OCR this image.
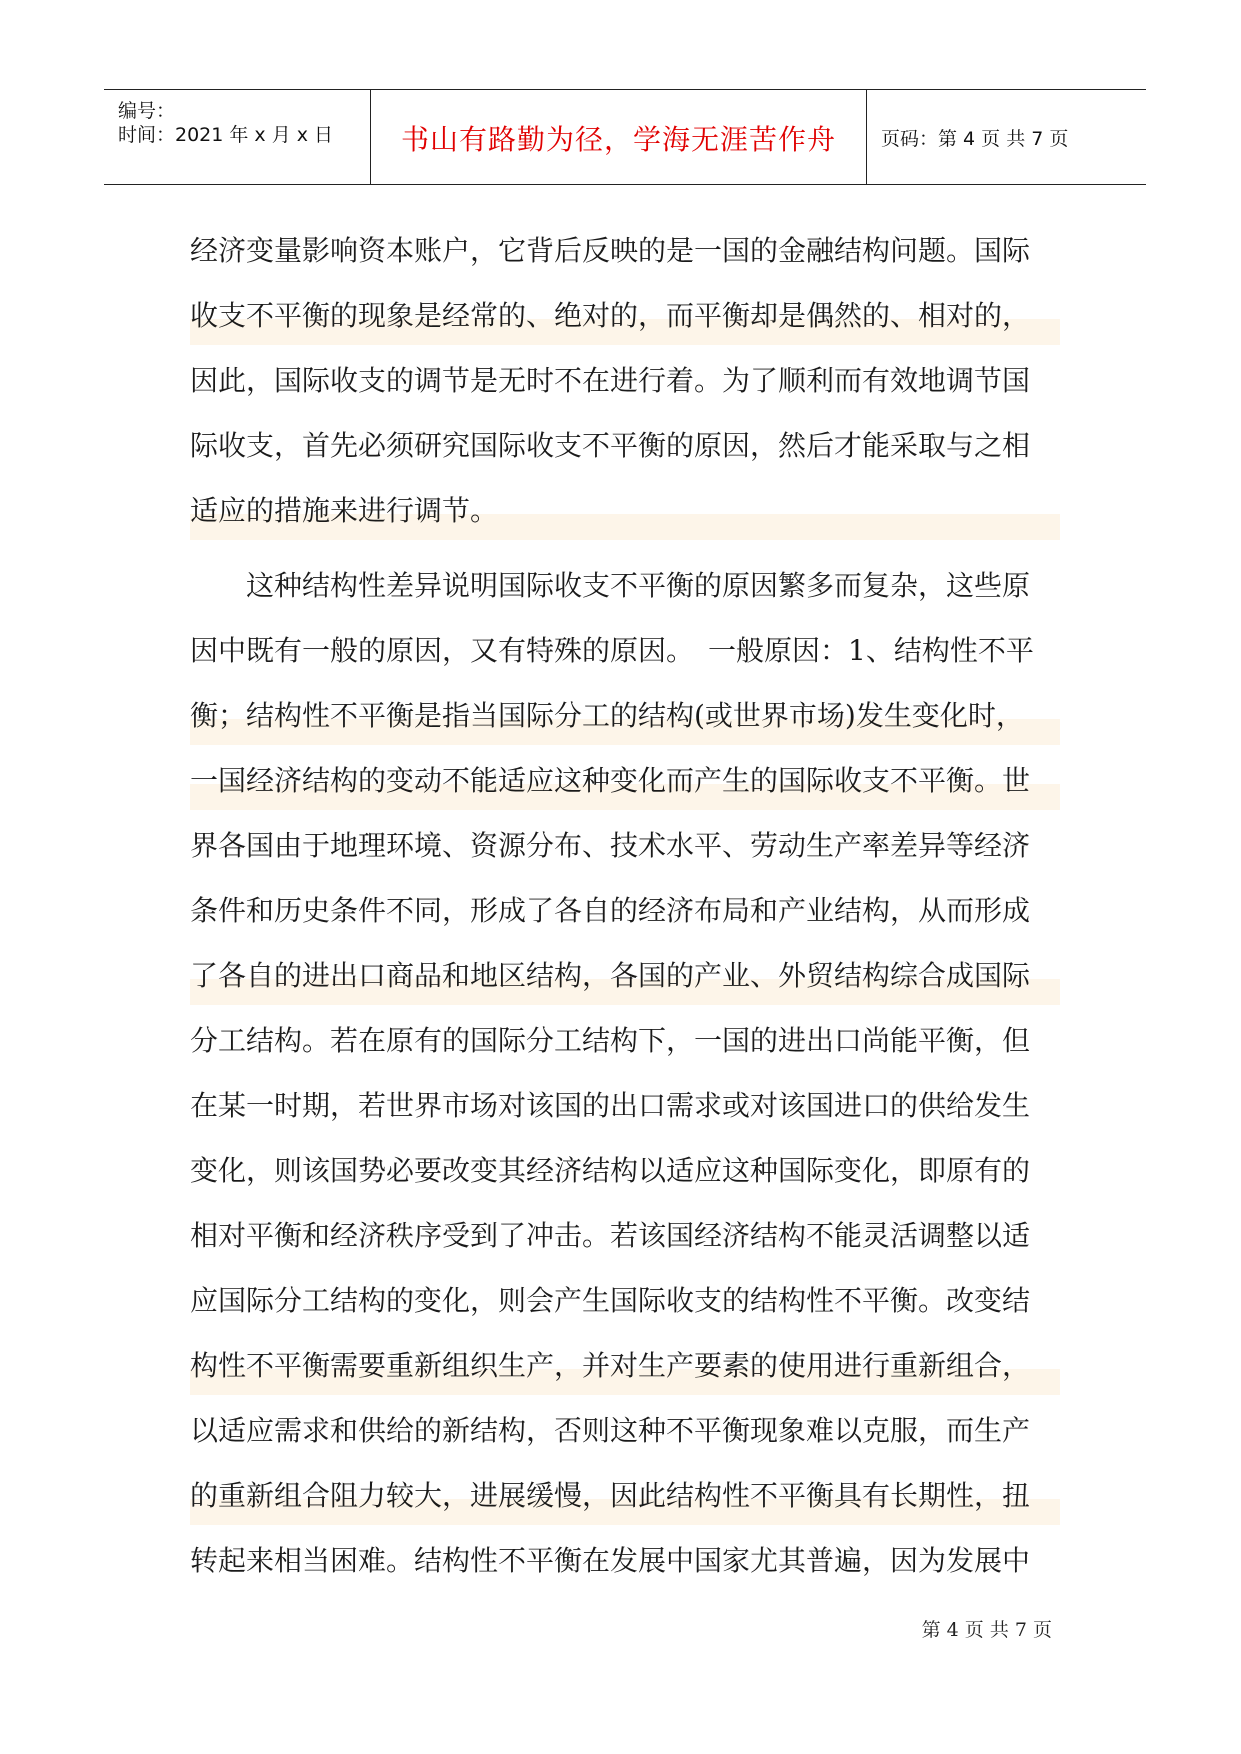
编号：
时间：2021 年 x 月 x 日	书山有路勤为径，学海无涯苦作舟	页码：第 4 页 共 7 页
经济变量影响资本账户，它背后反映的是一国的金融结构问题。国际
收支不平衡的现象是经常的、绝对的，而平衡却是偶然的、相对的，
因此，国际收支的调节是无时不在进行着。为了顺利而有效地调节国
际收支，首先必须研究国际收支不平衡的原因，然后才能采取与之相
适应的措施来进行调节。
　　这种结构性差异说明国际收支不平衡的原因繁多而复杂，这些原
因中既有一般的原因，又有特殊的原因。　一般原因：1、结构性不平
衡；结构性不平衡是指当国际分工的结构(或世界市场)发生变化时，
一国经济结构的变动不能适应这种变化而产生的国际收支不平衡。世
界各国由于地理环境、资源分布、技术水平、劳动生产率差异等经济
条件和历史条件不同，形成了各自的经济布局和产业结构，从而形成
了各自的进出口商品和地区结构，各国的产业、外贸结构综合成国际
分工结构。若在原有的国际分工结构下，一国的进出口尚能平衡，但
在某一时期，若世界市场对该国的出口需求或对该国进口的供给发生
变化，则该国势必要改变其经济结构以适应这种国际变化，即原有的
相对平衡和经济秩序受到了冲击。若该国经济结构不能灵活调整以适
应国际分工结构的变化，则会产生国际收支的结构性不平衡。改变结
构性不平衡需要重新组织生产，并对生产要素的使用进行重新组合，
以适应需求和供给的新结构，否则这种不平衡现象难以克服，而生产
的重新组合阻力较大，进展缓慢，因此结构性不平衡具有长期性，扭
转起来相当困难。结构性不平衡在发展中国家尤其普遍，因为发展中
第 4 页 共 7 页
